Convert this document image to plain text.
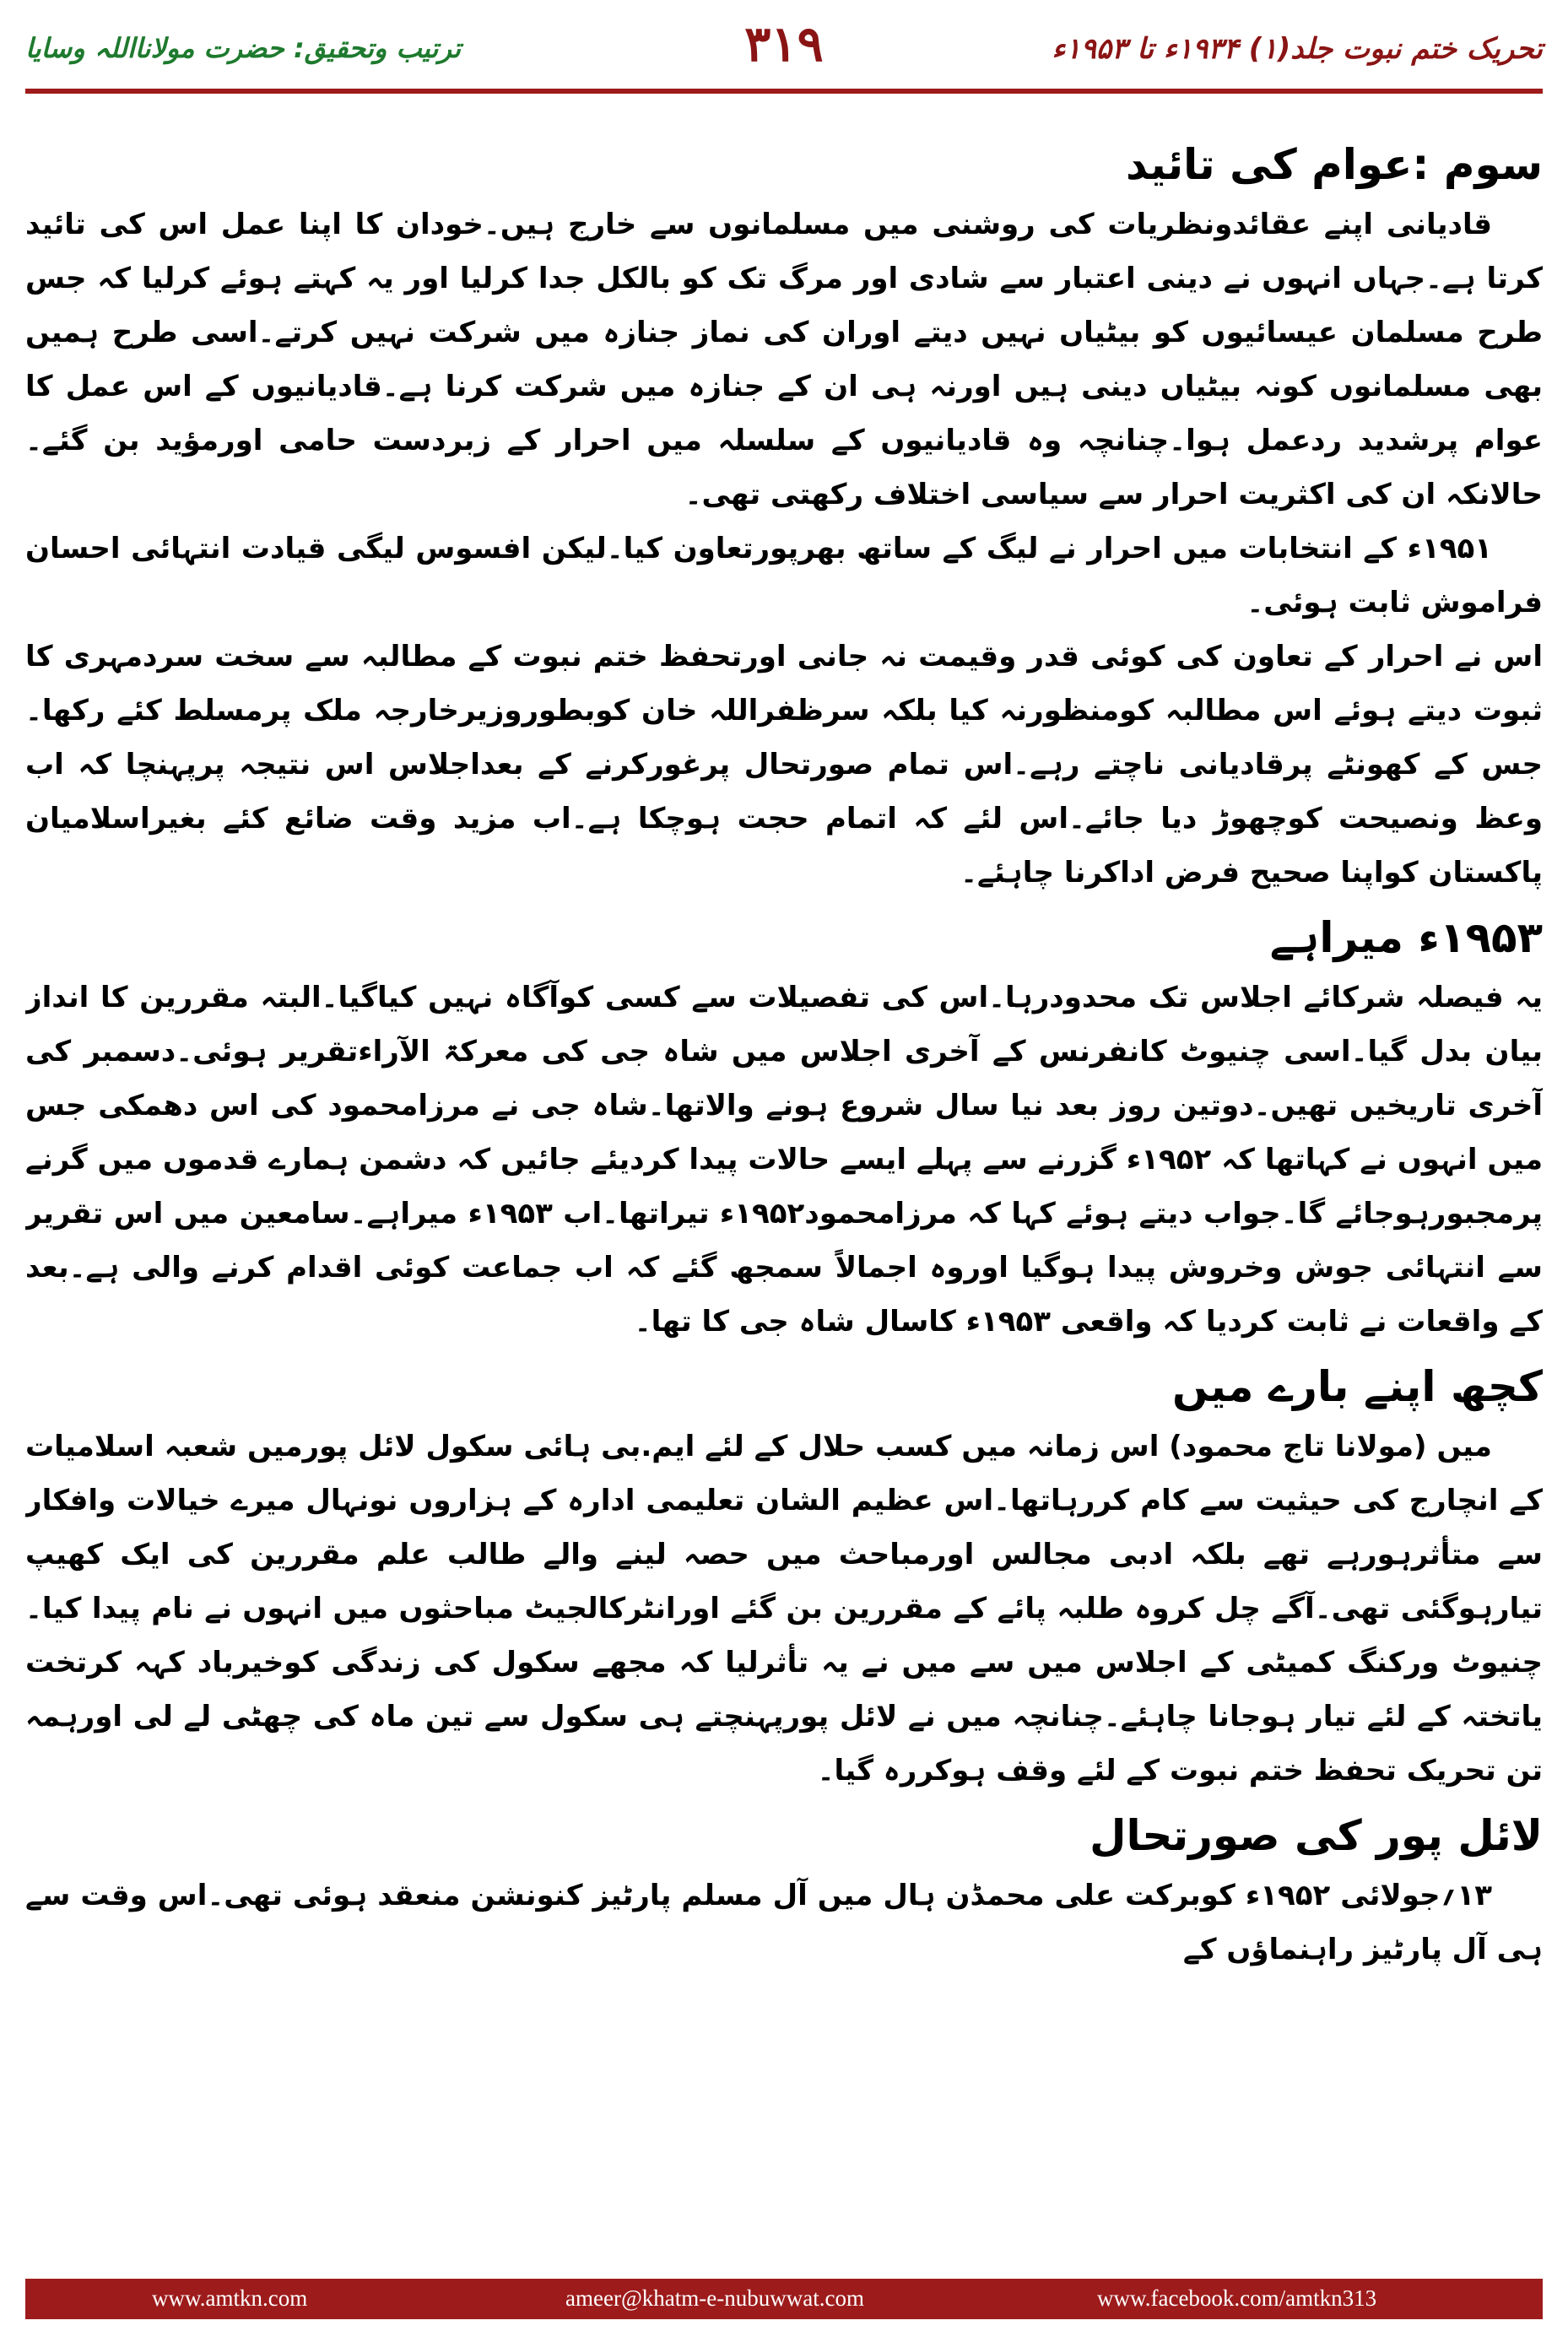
تحریک ختم نبوت جلد(۱) ۱۹۳۴ء تا ۱۹۵۳ء
۳۱۹
ترتیب وتحقیق: حضرت مولانااللہ وسایا
سوم :عوام کی تائید

قادیانی اپنے عقائدونظریات کی روشنی میں مسلمانوں سے خارج ہیں۔خودان کا اپنا عمل اس کی تائید کرتا ہے۔جہاں انہوں نے دینی اعتبار سے شادی اور مرگ تک کو بالکل جدا کرلیا اور یہ کہتے ہوئے کرلیا کہ جس طرح مسلمان عیسائیوں کو بیٹیاں نہیں دیتے اوران کی نماز جنازہ میں شرکت نہیں کرتے۔اسی طرح ہمیں بھی مسلمانوں کونہ بیٹیاں دینی ہیں اورنہ ہی ان کے جنازہ میں شرکت کرنا ہے۔قادیانیوں کے اس عمل کا عوام پرشدید ردعمل ہوا۔چنانچہ وہ قادیانیوں کے سلسلہ میں احرار کے زبردست حامی اورمؤید بن گئے۔حالانکہ ان کی اکثریت احرار سے سیاسی اختلاف رکھتی تھی۔

۱۹۵۱ء کے انتخابات میں احرار نے لیگ کے ساتھ بھرپورتعاون کیا۔لیکن افسوس لیگی قیادت انتہائی احسان فراموش ثابت ہوئی۔

اس نے احرار کے تعاون کی کوئی قدر وقیمت نہ جانی اورتحفظ ختم نبوت کے مطالبہ سے سخت سردمہری کا ثبوت دیتے ہوئے اس مطالبہ کومنظورنہ کیا بلکہ سرظفراللہ خان کوبطوروزیرخارجہ ملک پرمسلط کئے رکھا۔جس کے کھونٹے پرقادیانی ناچتے رہے۔اس تمام صورتحال پرغورکرنے کے بعداجلاس اس نتیجہ پرپہنچا کہ اب وعظ ونصیحت کوچھوڑ دیا جائے۔اس لئے کہ اتمام حجت ہوچکا ہے۔اب مزید وقت ضائع کئے بغیراسلامیان پاکستان کواپنا صحیح فرض اداکرنا چاہئے۔

۱۹۵۳ء میراہے

یہ فیصلہ شرکائے اجلاس تک محدودرہا۔اس کی تفصیلات سے کسی کوآگاہ نہیں کیاگیا۔البتہ مقررین کا انداز بیان بدل گیا۔اسی چنیوٹ کانفرنس کے آخری اجلاس میں شاہ جی کی معرکۃ الآراءتقریر ہوئی۔دسمبر کی آخری تاریخیں تھیں۔دوتین روز بعد نیا سال شروع ہونے والاتھا۔شاہ جی نے مرزامحمود کی اس دھمکی جس میں انہوں نے کہاتھا کہ ۱۹۵۲ء گزرنے سے پہلے ایسے حالات پیدا کردیئے جائیں کہ دشمن ہمارے قدموں میں گرنے پرمجبورہوجائے گا۔جواب دیتے ہوئے کہا کہ مرزامحمود۱۹۵۲ء تیراتھا۔اب ۱۹۵۳ء میراہے۔سامعین میں اس تقریر سے انتہائی جوش وخروش پیدا ہوگیا اوروہ اجمالاً سمجھ گئے کہ اب جماعت کوئی اقدام کرنے والی ہے۔بعد کے واقعات نے ثابت کردیا کہ واقعی ۱۹۵۳ء کاسال شاہ جی کا تھا۔

کچھ اپنے بارے میں

میں (مولانا تاج محمود) اس زمانہ میں کسب حلال کے لئے ایم.بی ہائی سکول لائل پورمیں شعبہ اسلامیات کے انچارج کی حیثیت سے کام کررہاتھا۔اس عظیم الشان تعلیمی ادارہ کے ہزاروں نونہال میرے خیالات وافکار سے متأثرہورہے تھے بلکہ ادبی مجالس اورمباحث میں حصہ لینے والے طالب علم مقررین کی ایک کھیپ تیارہوگئی تھی۔آگے چل کروہ طلبہ پائے کے مقررین بن گئے اورانٹرکالجیٹ مباحثوں میں انہوں نے نام پیدا کیا۔چنیوٹ ورکنگ کمیٹی کے اجلاس میں سے میں نے یہ تأثرلیا کہ مجھے سکول کی زندگی کوخیرباد کہہ کرتخت یاتختہ کے لئے تیار ہوجانا چاہئے۔چنانچہ میں نے لائل پورپہنچتے ہی سکول سے تین ماہ کی چھٹی لے لی اورہمہ تن تحریک تحفظ ختم نبوت کے لئے وقف ہوکررہ گیا۔

لائل پور کی صورتحال

۱۳؍جولائی ۱۹۵۲ء کوبرکت علی محمڈن ہال میں آل مسلم پارٹیز کنونشن منعقد ہوئی تھی۔اس وقت سے ہی آل پارٹیز راہنماؤں کے

www.amtkn.com	ameer@khatm-e-nubuwwat.com	www.facebook.com/amtkn313
